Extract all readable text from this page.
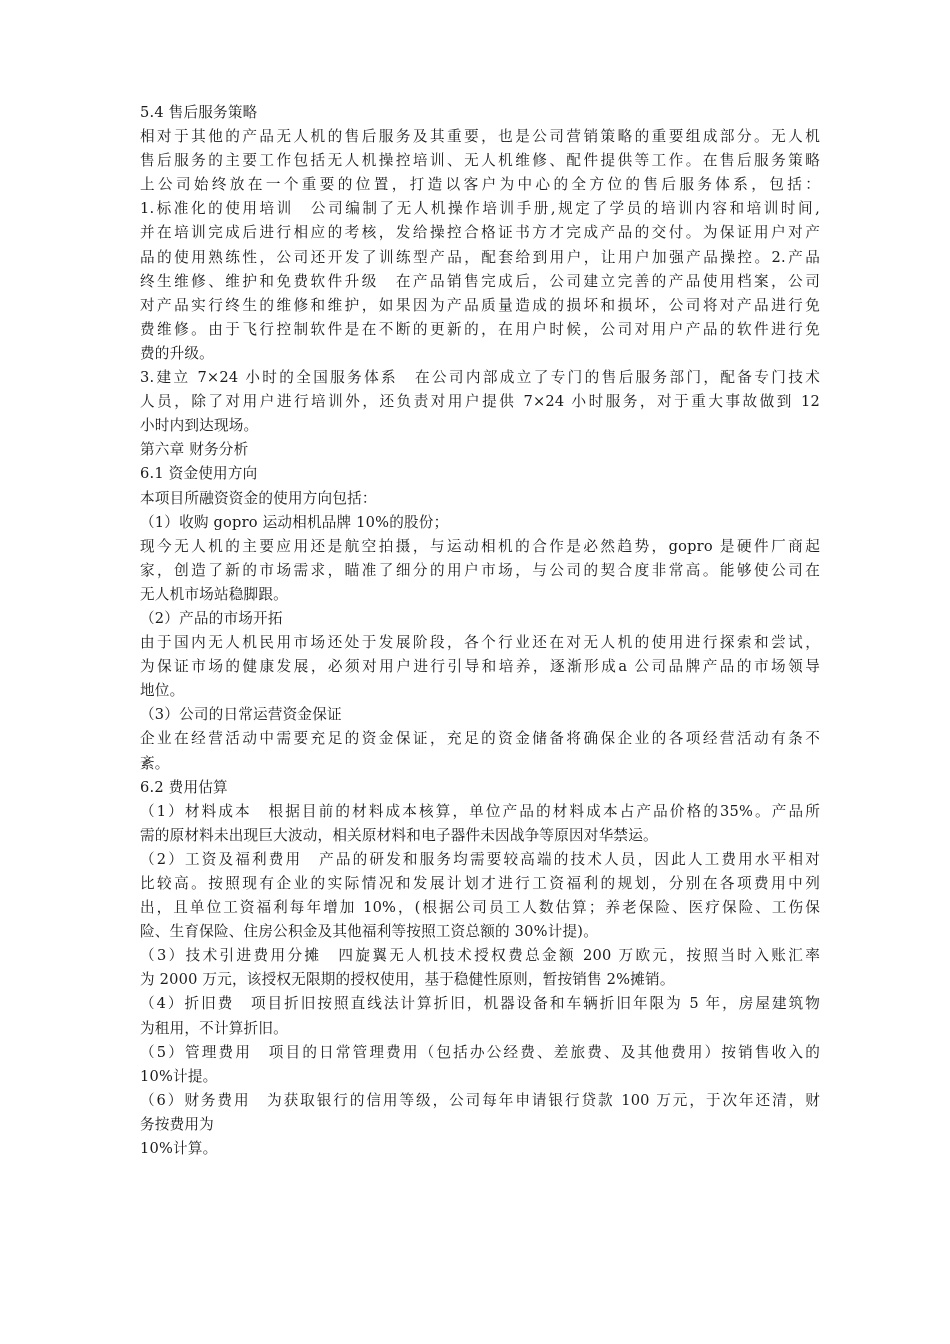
5.4 售后服务策略
相对于其他的产品无人机的售后服务及其重要，也是公司营销策略的重要组成部分。无人机
售后服务的主要工作包括无人机操控培训、无人机维修、配件提供等工作。在售后服务策略
上公司始终放在一个重要的位置，打造以客户为中心的全方位的售后服务体系，包括：
1.标准化的使用培训　公司编制了无人机操作培训手册,规定了学员的培训内容和培训时间,
并在培训完成后进行相应的考核，发给操控合格证书方才完成产品的交付。为保证用户对产
品的使用熟练性，公司还开发了训练型产品，配套给到用户，让用户加强产品操控。2.产品
终生维修、维护和免费软件升级　在产品销售完成后，公司建立完善的产品使用档案，公司
对产品实行终生的维修和维护，如果因为产品质量造成的损坏和损坏，公司将对产品进行免
费维修。由于飞行控制软件是在不断的更新的，在用户时候，公司对用户产品的软件进行免
费的升级。
3.建立 7×24 小时的全国服务体系　在公司内部成立了专门的售后服务部门，配备专门技术
人员，除了对用户进行培训外，还负责对用户提供 7×24 小时服务，对于重大事故做到 12
小时内到达现场。
第六章 财务分析
6.1 资金使用方向
本项目所融资资金的使用方向包括：
（1）收购 gopro 运动相机品牌 10%的股份；
现今无人机的主要应用还是航空拍摄，与运动相机的合作是必然趋势，gopro 是硬件厂商起
家，创造了新的市场需求，瞄准了细分的用户市场，与公司的契合度非常高。能够使公司在
无人机市场站稳脚跟。
（2）产品的市场开拓
由于国内无人机民用市场还处于发展阶段，各个行业还在对无人机的使用进行探索和尝试，
为保证市场的健康发展，必须对用户进行引导和培养，逐渐形成a 公司品牌产品的市场领导
地位。
（3）公司的日常运营资金保证
企业在经营活动中需要充足的资金保证，充足的资金储备将确保企业的各项经营活动有条不
紊。
6.2 费用估算
（1）材料成本　根据目前的材料成本核算，单位产品的材料成本占产品价格的35%。产品所
需的原材料未出现巨大波动，相关原材料和电子器件未因战争等原因对华禁运。
（2）工资及福利费用　产品的研发和服务均需要较高端的技术人员，因此人工费用水平相对
比较高。按照现有企业的实际情况和发展计划才进行工资福利的规划，分别在各项费用中列
出，且单位工资福利每年增加 10%，(根据公司员工人数估算；养老保险、医疗保险、工伤保
险、生育保险、住房公积金及其他福利等按照工资总额的 30%计提)。
（3）技术引进费用分摊　四旋翼无人机技术授权费总金额 200 万欧元，按照当时入账汇率
为 2000 万元，该授权无限期的授权使用，基于稳健性原则，暂按销售 2%摊销。
（4）折旧费　项目折旧按照直线法计算折旧，机器设备和车辆折旧年限为 5 年，房屋建筑物
为租用，不计算折旧。
（5）管理费用　项目的日常管理费用（包括办公经费、差旅费、及其他费用）按销售收入的
10%计提。
（6）财务费用　为获取银行的信用等级，公司每年申请银行贷款 100 万元，于次年还清，财
务按费用为
10%计算。
